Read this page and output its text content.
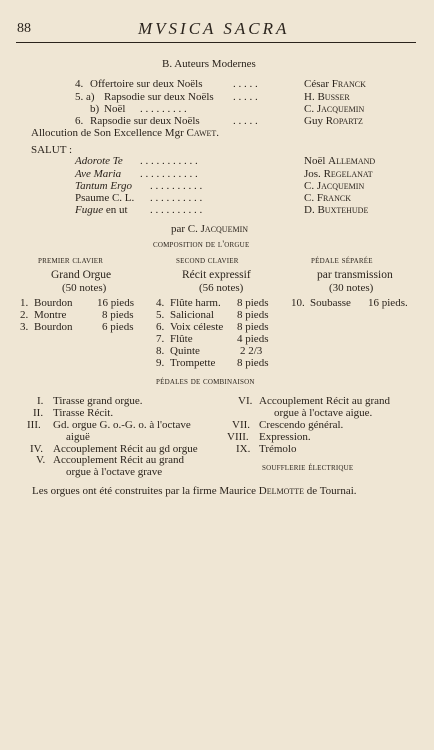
88	MVSICA SACRA
B. Auteurs Modernes
4. Offertoire sur deux Noëls	. . . . .	César Franck
5. a) Rapsodie sur deux Noëls . . . . .	H. Busser
b) Noël . . . . . . . . .	C. Jacquemin
6. Rapsodie sur deux Noëls	. . . . .	Guy Ropartz
Allocution de Son Excellence Mgr Cawet.
SALUT :
Adorote Te . . . . . . . . . . .	Noël Allemand
Ave Maria . . . . . . . . . . .	Jos. Regelanat
Tantum Ergo . . . . . . . . . .	C. Jacquemin
Psaume C. L. . . . . . . . . . .	C. Franck
Fugue en ut . . . . . . . . . .	D. Buxtehude
par C. Jacquemin
composition de l'orgue
premier clavier
Grand Orgue
(50 notes)
1. Bourdon 16 pieds
2. Montre	8 pieds
3. Bourdon	6 pieds
second clavier
Récit expressif
(56 notes)
4. Flûte harm. 8 pieds
5. Salicional 8 pieds
6. Voix céleste 8 pieds
7. Flûte	4 pieds
8. Quinte	2 2/3
9. Trompette 8 pieds
pédale séparée
par transmission
(30 notes)
10. Soubasse 16 pieds.
pédales de combinaison
I. Tirasse grand orgue.
II. Tirasse Récit.
III. Gd. orgue G. o.-G. o. à l'octave
aiguë
IV. Accouplement Récit au gd orgue
V. Accouplement Récit au grand
orgue à l'octave grave
VI. Accouplement Récit au grand
orgue à l'octave aigue.
VII. Crescendo général.
VIII. Expression.
IX. Trémolo
soufflerie électrique
Les orgues ont été construites par la firme Maurice Delmotte de Tournai.
